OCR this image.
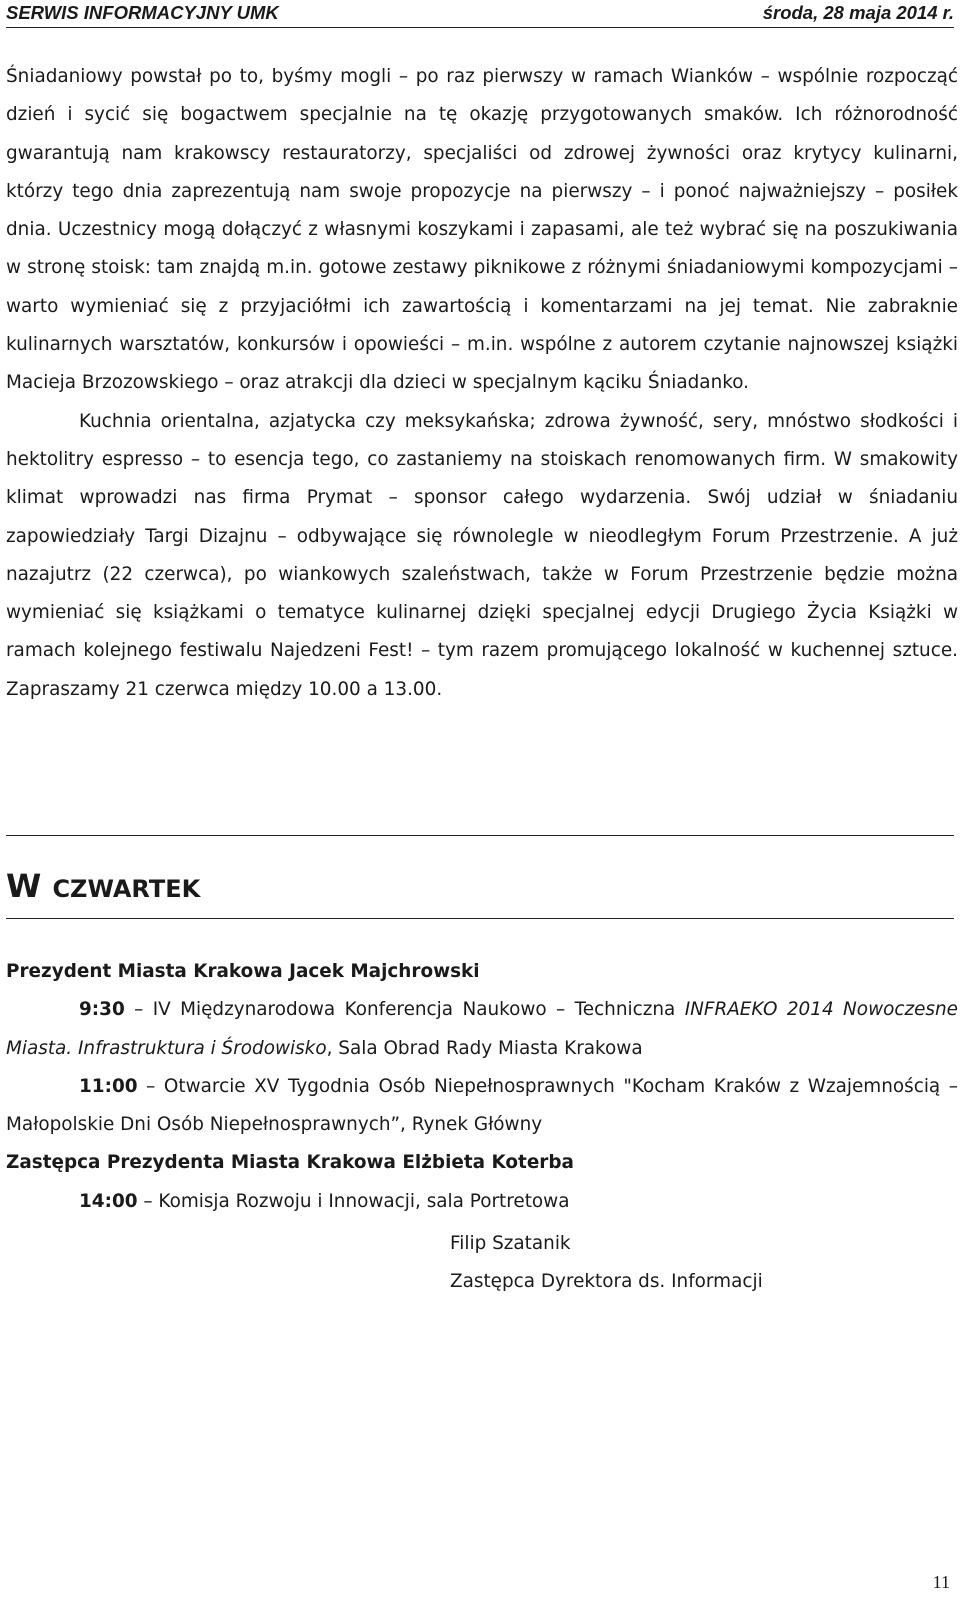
SERWIS INFORMACYJNY UMK	środa, 28 maja 2014 r.

Śniadaniowy powstał po to, byśmy mogli – po raz pierwszy w ramach Wianków – wspólnie rozpocząć dzień i sycić się bogactwem specjalnie na tę okazję przygotowanych smaków. Ich różnorodność gwarantują nam krakowscy restauratorzy, specjaliści od zdrowej żywności oraz krytycy kulinarni, którzy tego dnia zaprezentują nam swoje propozycje na pierwszy – i ponoć najważniejszy – posiłek dnia. Uczestnicy mogą dołączyć z własnymi koszykami i zapasami, ale też wybrać się na poszukiwania w stronę stoisk: tam znajdą m.in. gotowe zestawy piknikowe z różnymi śniadaniowymi kompozycjami – warto wymieniać się z przyjaciółmi ich zawartością i komentarzami na jej temat. Nie zabraknie kulinarnych warsztatów, konkursów i opowieści – m.in. wspólne z autorem czytanie najnowszej książki Macieja Brzozowskiego – oraz atrakcji dla dzieci w specjalnym kąciku Śniadanko.

Kuchnia orientalna, azjatycka czy meksykańska; zdrowa żywność, sery, mnóstwo słodkości i hektolitry espresso – to esencja tego, co zastaniemy na stoiskach renomowanych firm. W smakowity klimat wprowadzi nas firma Prymat – sponsor całego wydarzenia. Swój udział w śniadaniu zapowiedziały Targi Dizajnu – odbywające się równolegle w nieodległym Forum Przestrzenie. A już nazajutrz (22 czerwca), po wiankowych szaleństwach, także w Forum Przestrzenie będzie można wymieniać się książkami o tematyce kulinarnej dzięki specjalnej edycji Drugiego Życia Książki w ramach kolejnego festiwalu Najedzeni Fest! – tym razem promującego lokalność w kuchennej sztuce. Zapraszamy 21 czerwca między 10.00 a 13.00.

W CZWARTEK

Prezydent Miasta Krakowa Jacek Majchrowski

9:30 – IV Międzynarodowa Konferencja Naukowo – Techniczna INFRAEKO 2014 Nowoczesne Miasta. Infrastruktura i Środowisko, Sala Obrad Rady Miasta Krakowa

11:00 – Otwarcie XV Tygodnia Osób Niepełnosprawnych "Kocham Kraków z Wzajemnością – Małopolskie Dni Osób Niepełnosprawnych”, Rynek Główny

Zastępca Prezydenta Miasta Krakowa Elżbieta Koterba

14:00 – Komisja Rozwoju i Innowacji, sala Portretowa

Filip Szatanik
Zastępca Dyrektora ds. Informacji
11
